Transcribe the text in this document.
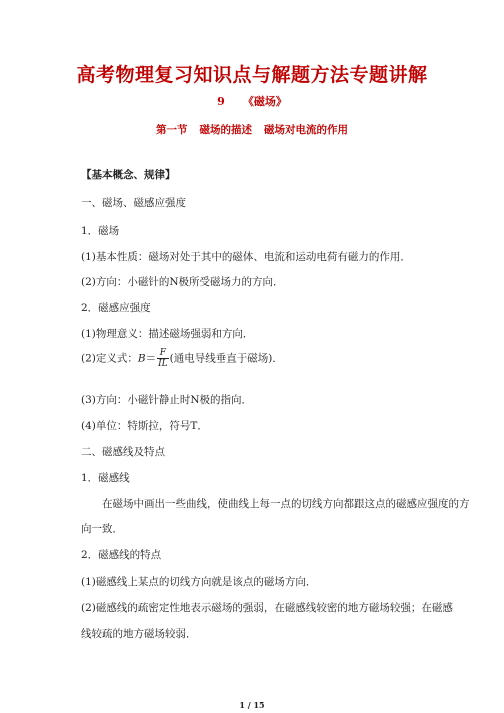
高考物理复习知识点与解题方法专题讲解
9 《磁场》
第一节 磁场的描述 磁场对电流的作用
【基本概念、规律】
一、磁场、磁感应强度
1．磁场
(1)基本性质：磁场对处于其中的磁体、电流和运动电荷有磁力的作用．
(2)方向：小磁针的N极所受磁场力的方向．
2．磁感应强度
(1)物理意义：描述磁场强弱和方向．
(2)定义式：$B= \frac{F}{IL}$ (通电导线垂直于磁场)．
(3)方向：小磁针静止时N极的指向．
(4)单位：特斯拉，符号T．
二、磁感线及特点
1．磁感线
在磁场中画出一些曲线，使曲线上每一点的切线方向都跟这点的磁感应强度的方
向一致．
2．磁感线的特点
(1)磁感线上某点的切线方向就是该点的磁场方向．
(2)磁感线的疏密定性地表示磁场的强弱，在磁感线较密的地方磁场较强；在磁感
线较疏的地方磁场较弱．
1 / 15
